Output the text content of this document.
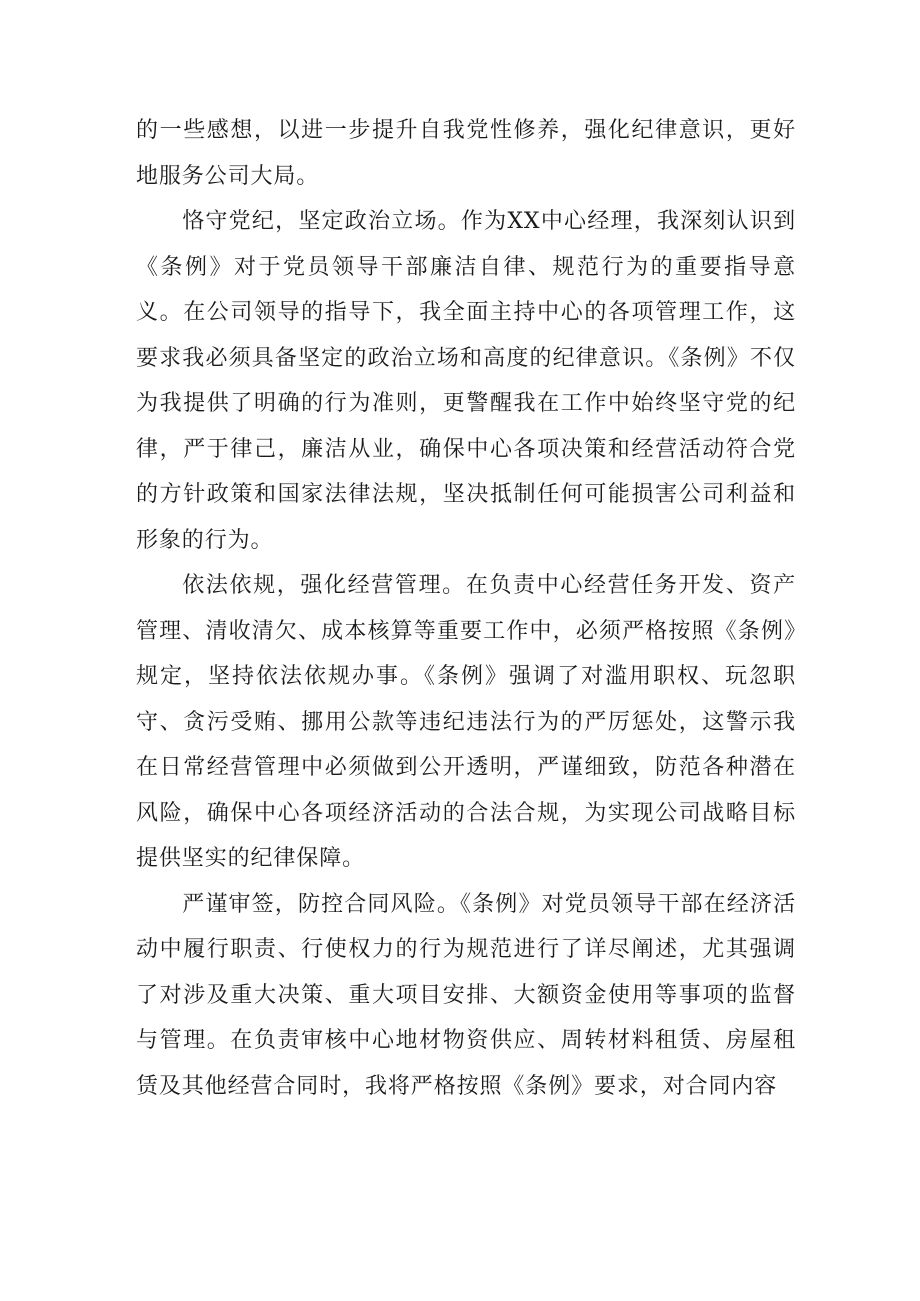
的一些感想，以进一步提升自我党性修养，强化纪律意识，更好地服务公司大局。

恪守党纪，坚定政治立场。作为XX中心经理，我深刻认识到《条例》对于党员领导干部廉洁自律、规范行为的重要指导意义。在公司领导的指导下，我全面主持中心的各项管理工作，这要求我必须具备坚定的政治立场和高度的纪律意识。《条例》不仅为我提供了明确的行为准则，更警醒我在工作中始终坚守党的纪律，严于律己，廉洁从业，确保中心各项决策和经营活动符合党的方针政策和国家法律法规，坚决抵制任何可能损害公司利益和形象的行为。

依法依规，强化经营管理。在负责中心经营任务开发、资产管理、清收清欠、成本核算等重要工作中，必须严格按照《条例》规定，坚持依法依规办事。《条例》强调了对滥用职权、玩忽职守、贪污受贿、挪用公款等违纪违法行为的严厉惩处，这警示我在日常经营管理中必须做到公开透明，严谨细致，防范各种潜在风险，确保中心各项经济活动的合法合规，为实现公司战略目标提供坚实的纪律保障。

严谨审签，防控合同风险。《条例》对党员领导干部在经济活动中履行职责、行使权力的行为规范进行了详尽阐述，尤其强调了对涉及重大决策、重大项目安排、大额资金使用等事项的监督与管理。在负责审核中心地材物资供应、周转材料租赁、房屋租赁及其他经营合同时，我将严格按照《条例》要求，对合同内容
